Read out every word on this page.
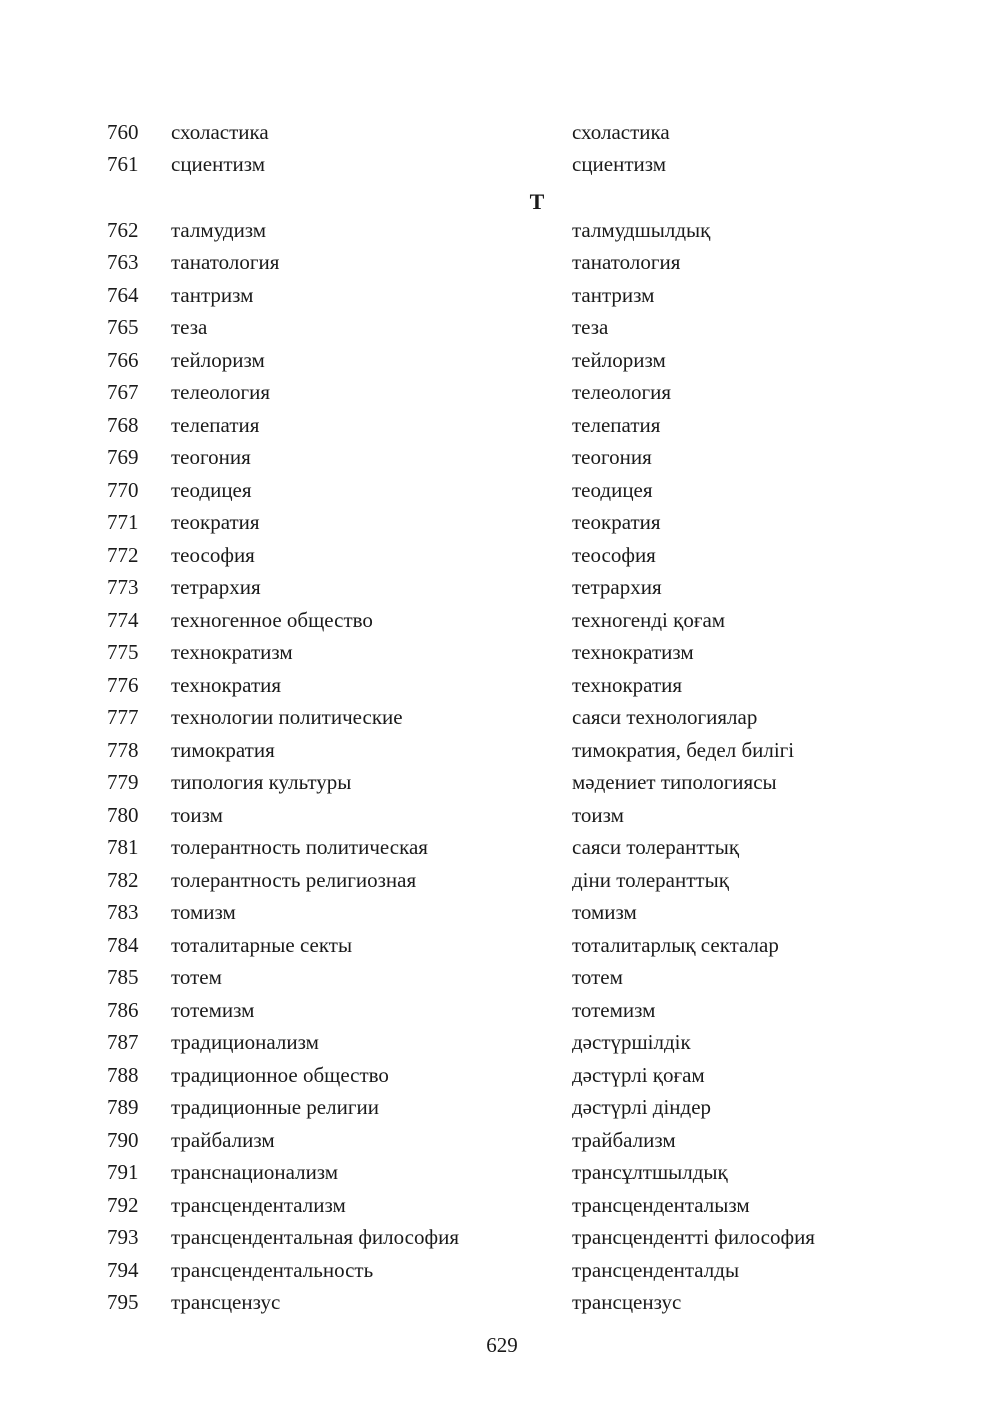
760 схоластика	схоластика
761 сциентизм	сциентизм
Т
762 талмудизм	талмудшылдық
763 танатология	танатология
764 тантризм	тантризм
765 теза	теза
766 тейлоризм	тейлоризм
767 телеология	телеология
768 телепатия	телепатия
769 теогония	теогония
770 теодицея	теодицея
771 теократия	теократия
772 теософия	теософия
773 тетрархия	тетрархия
774 техногенное общество	техногенді қоғам
775 технократизм	технократизм
776 технократия	технократия
777 технологии политические	саяси технологиялар
778 тимократия	тимократия, бедел билігі
779 типология культуры	мәдениет типологиясы
780 тоизм	тоизм
781 толерантность политическая	саяси толеранттық
782 толерантность религиозная	діни толеранттық
783 томизм	томизм
784 тоталитарные секты	тоталитарлық секталар
785 тотем	тотем
786 тотемизм	тотемизм
787 традиционализм	дәстүршілдік
788 традиционное общество	дәстүрлі қоғам
789 традиционные религии	дәстүрлі діндер
790 трайбализм	трайбализм
791 транснационализм	трансұлтшылдық
792 трансцендентализм	трансценденталызм
793 трансцендентальная философия	трансценденттi философия
794 трансцендентальность	трансценденталды
795 трансцензус	трансцензус
629
